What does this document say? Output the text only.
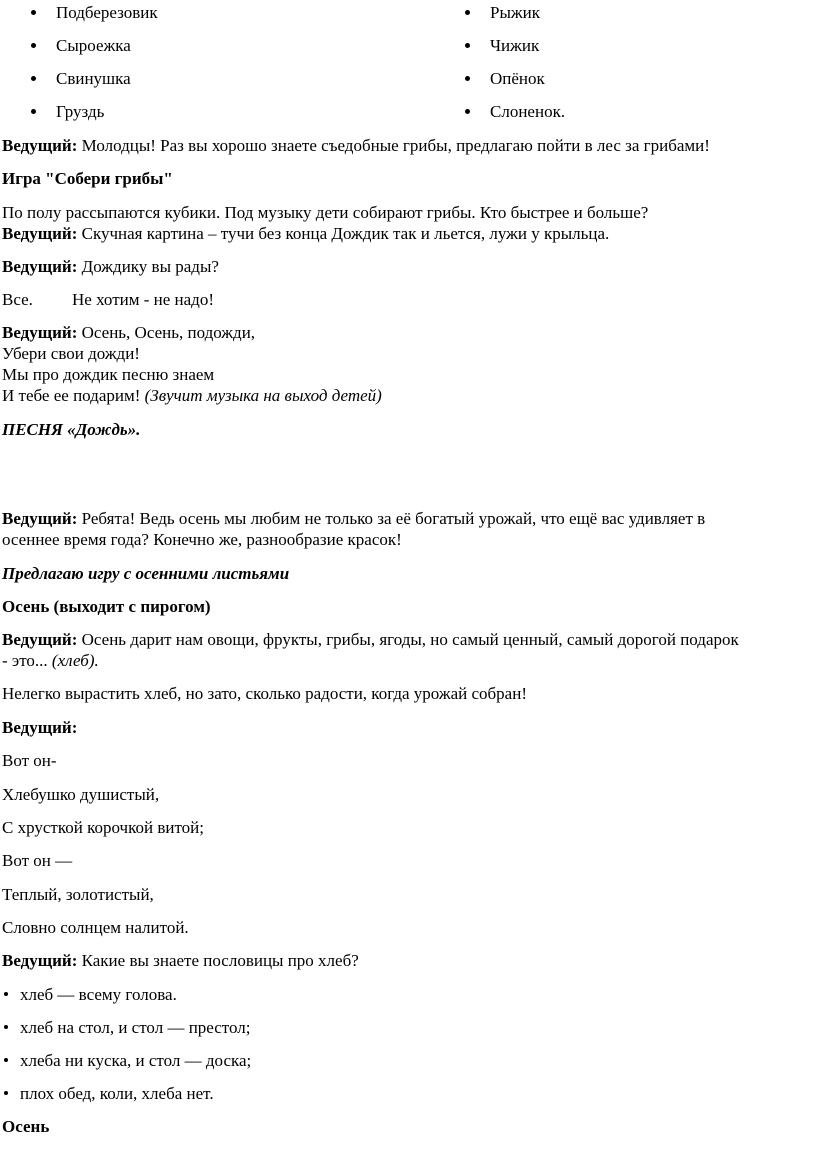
Подберезовик
Сыроежка
Свинушка
Груздь
Рыжик
Чижик
Опёнок
Слоненок.
Ведущий: Молодцы! Раз вы хорошо знаете съедобные грибы, предлагаю пойти в лес за грибами!
Игра "Собери грибы"
По полу рассыпаются кубики. Под музыку дети собирают грибы. Кто быстрее и больше?
Ведущий: Скучная картина – тучи без конца Дождик так и льется, лужи у крыльца.
Ведущий: Дождику вы рады?
Все. Не хотим - не надо!
Ведущий: Осень, Осень, подожди,
Убери свои дожди!
Мы про дождик песню знаем
И тебе ее подарим! (Звучит музыка на выход детей)
ПЕСНЯ «Дождь».
Ведущий: Ребята! Ведь осень мы любим не только за её богатый урожай, что ещё вас удивляет в
осеннее время года? Конечно же, разнообразие красок!
Предлагаю игру с осенними листьями
Осень (выходит с пирогом)
Ведущий: Осень дарит нам овощи, фрукты, грибы, ягоды, но самый ценный, самый дорогой подарок
- это... (хлеб).
Нелегко вырастить хлеб, но зато, сколько радости, когда урожай собран!
Ведущий:
Вот он-
Хлебушко душистый,
С хрусткой корочкой витой;
Вот он —
Теплый, золотистый,
Словно солнцем налитой.
Ведущий: Какие вы знаете пословицы про хлеб?
хлеб — всему голова.
хлеб на стол, и стол — престол;
хлеба ни куска, и стол — доска;
плох обед, коли, хлеба нет.
Осень
